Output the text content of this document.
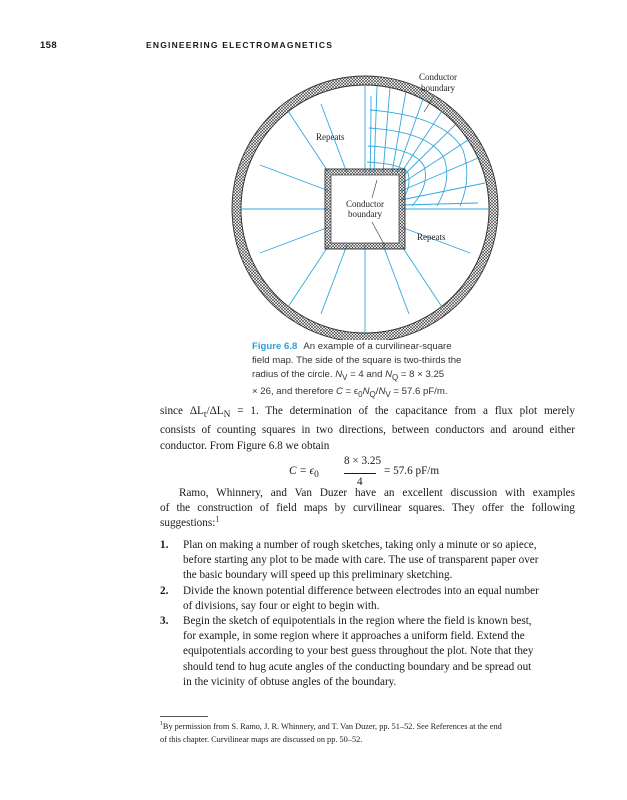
158	ENGINEERING ELECTROMAGNETICS
Conductor
boundary
Conductor
boundary
Repeats
Repeats
Figure 6.8 An example of a curvilinear-square
field map. The side of the square is two-thirds the
radius of the circle. $N_V = 4$ and $N_Q = 8 \times 3.25$
× 26, and therefore $C = \epsilon_0N_Q/N_V = 57.6$ pF/m.
since $\Delta L_t/\Delta L_N = 1$. The determination of the capacitance from a flux plot merely
consists of counting squares in two directions, between conductors and around either
conductor. From Figure 6.8 we obtain
$C = \epsilon_0$
8 × 3.25
4
= 57.6 pF/m
Ramo, Whinnery, and Van Duzer have an excellent discussion with examples
of the construction of field maps by curvilinear squares. They offer the following
suggestions:$^1$
1. Plan on making a number of rough sketches, taking only a minute or so apiece,
before starting any plot to be made with care. The use of transparent paper over
the basic boundary will speed up this preliminary sketching.
2. Divide the known potential difference between electrodes into an equal number
of divisions, say four or eight to begin with.
3. Begin the sketch of equipotentials in the region where the field is known best,
for example, in some region where it approaches a uniform field. Extend the
equipotentials according to your best guess throughout the plot. Note that they
should tend to hug acute angles of the conducting boundary and be spread out
in the vicinity of obtuse angles of the boundary.
$^1$By permission from S. Ramo, J. R. Whinnery, and T. Van Duzer, pp. 51–52. See References at the end
of this chapter. Curvilinear maps are discussed on pp. 50–52.
